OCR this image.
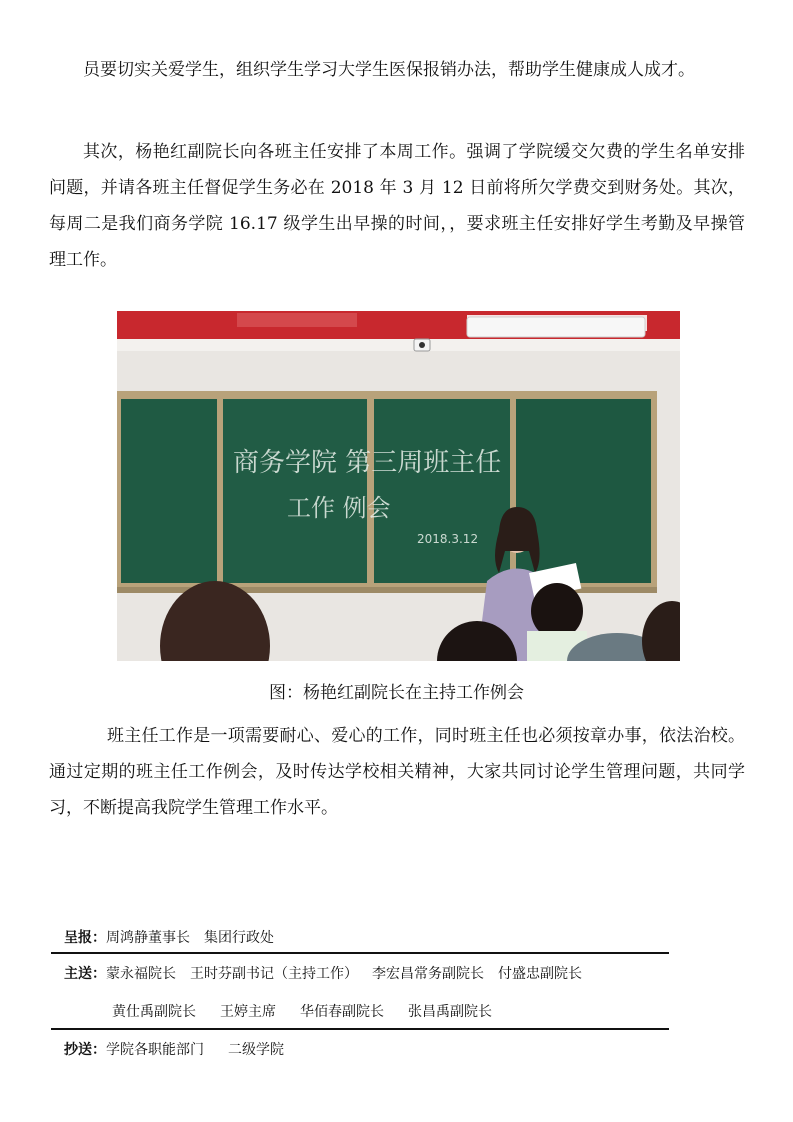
员要切实关爱学生，组织学生学习大学生医保报销办法，帮助学生健康成人成才。

其次，杨艳红副院长向各班主任安排了本周工作。强调了学院缓交欠费的学生名单安排问题，并请各班主任督促学生务必在 2018 年 3 月 12 日前将所欠学费交到财务处。其次，每周二是我们商务学院 16.17 级学生出早操的时间，，要求班主任安排好学生考勤及早操管理工作。

商务学院 第三周班主任
工作 例会
2018.3.12
图：杨艳红副院长在主持工作例会

班主任工作是一项需要耐心、爱心的工作，同时班主任也必须按章办事，依法治校。通过定期的班主任工作例会，及时传达学校相关精神，大家共同讨论学生管理问题，共同学习，不断提高我院学生管理工作水平。

呈报：周鸿静董事长 集团行政处
主送：蒙永福院长 王时芬副书记（主持工作） 李宏昌常务副院长 付盛忠副院长
黄仕禹副院长 王婷主席 华佰春副院长 张昌禹副院长
抄送：学院各职能部门 二级学院
